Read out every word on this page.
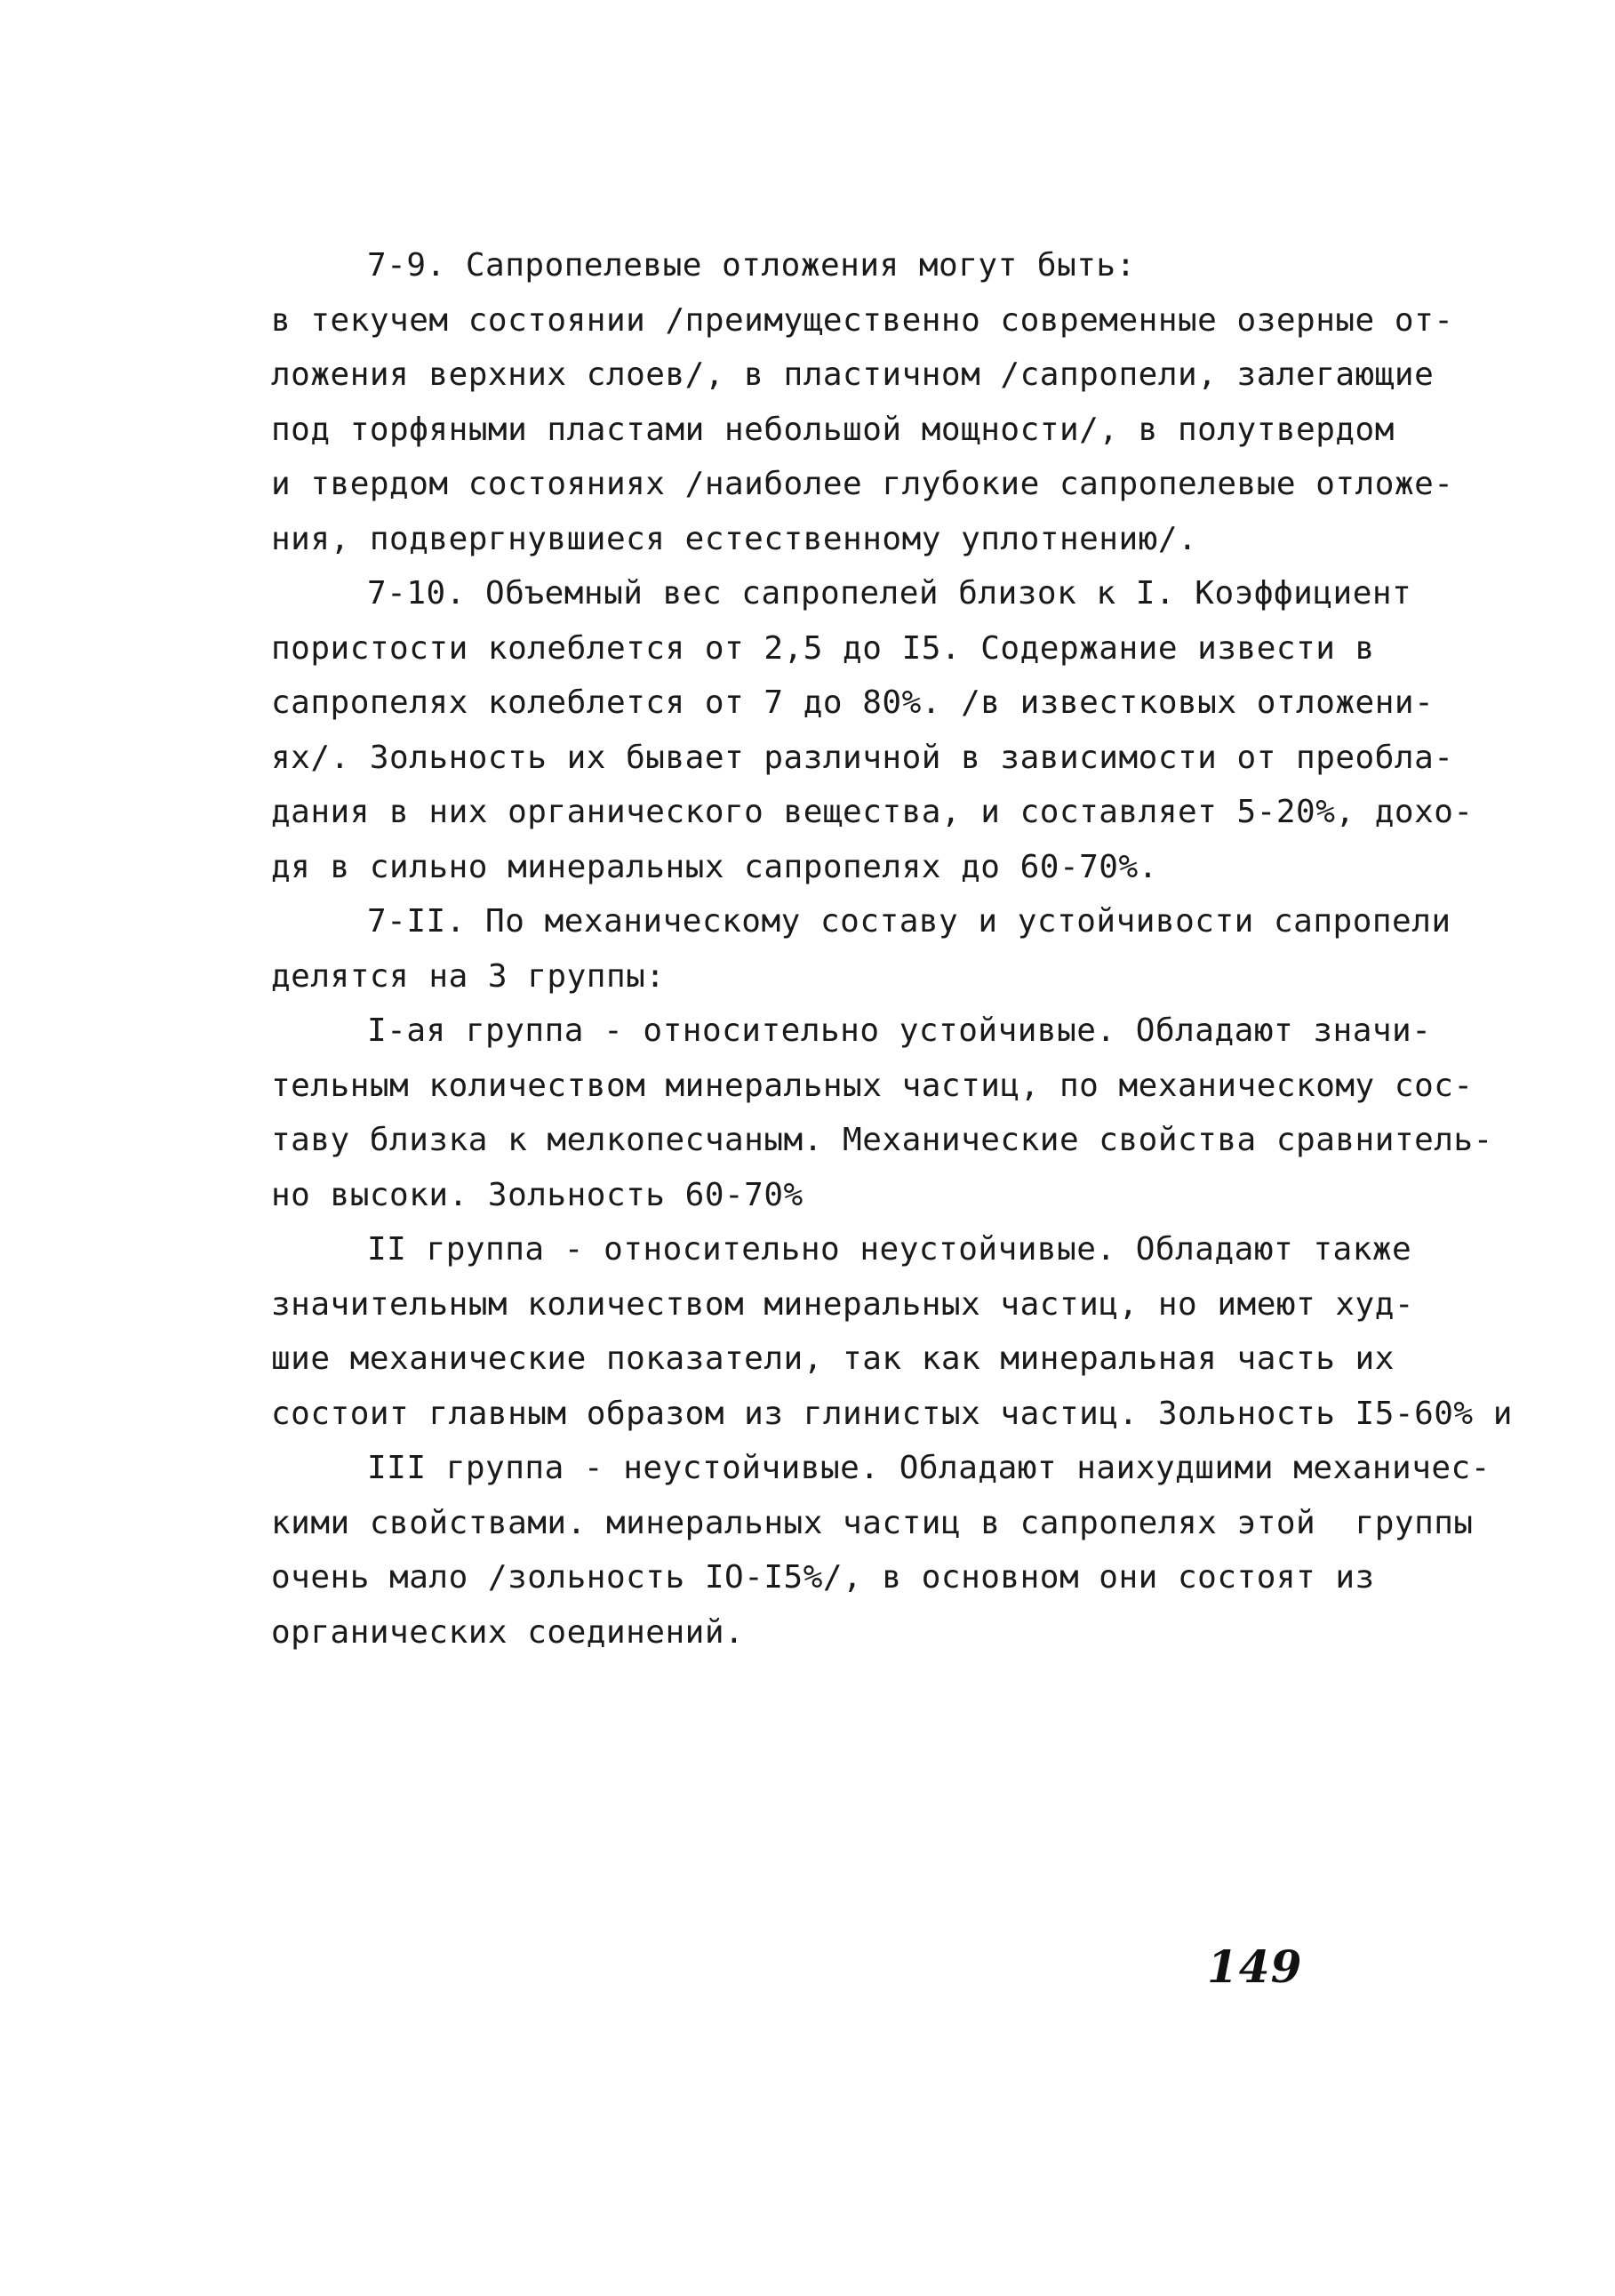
7-9. Сапропелевые отложения могут быть:
в текучем состоянии /преимущественно современные озерные от-
ложения верхних слоев/, в пластичном /сапропели, залегающие
под торфяными пластами небольшой мощности/, в полутвердом
и твердом состояниях /наиболее глубокие сапропелевые отложе-
ния, подвергнувшиеся естественному уплотнению/.
7-10. Объемный вес сапропелей близок к I. Коэффициент
пористости колеблется от 2,5 до I5. Содержание извести в
сапропелях колеблется от 7 до 80%. /в известковых отложени-
ях/. Зольность их бывает различной в зависимости от преобла-
дания в них органического вещества, и составляет 5-20%, дохо-
дя в сильно минеральных сапропелях до 60-70%.
7-II. По механическому составу и устойчивости сапропели
делятся на 3 группы:
I-ая группа - относительно устойчивые. Обладают значи-
тельным количеством минеральных частиц, по механическому сос-
таву близка к мелкопесчаным. Механические свойства сравнитель-
но высоки. Зольность 60-70%
II группа - относительно неустойчивые. Обладают также
значительным количеством минеральных частиц, но имеют худ-
шие механические показатели, так как минеральная часть их
состоит главным образом из глинистых частиц. Зольность I5-60% и
III группа - неустойчивые. Обладают наихудшими механичес-
кими свойствами. минеральных частиц в сапропелях этой  группы
очень мало /зольность IO-I5%/, в основном они состоят из
органических соединений.
149
